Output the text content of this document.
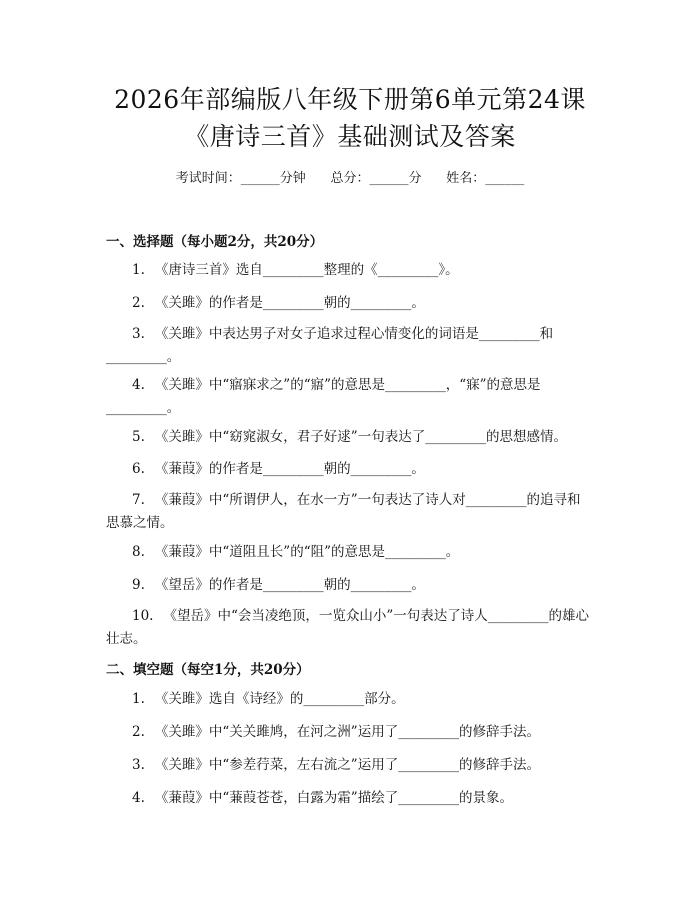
2026年部编版八年级下册第6单元第24课
《唐诗三首》基础测试及答案
考试时间：______分钟      总分：______分      姓名：______
一、选择题（每小题2分，共20分）
1. 《唐诗三首》选自_________整理的《_________》。
2. 《关雎》的作者是_________朝的_________。
3. 《关雎》中表达男子对女子追求过程心情变化的词语是_________和_________。
4. 《关雎》中“寤寐求之”的“寤”的意思是_________，“寐”的意思是_________。
5. 《关雎》中“窈窕淑女，君子好逑”一句表达了_________的思想感情。
6. 《蒹葭》的作者是_________朝的_________。
7. 《蒹葭》中“所谓伊人，在水一方”一句表达了诗人对_________的追寻和思慕之情。
8. 《蒹葭》中“道阻且长”的“阻”的意思是_________。
9. 《望岳》的作者是_________朝的_________。
10. 《望岳》中“会当凌绝顶，一览众山小”一句表达了诗人_________的雄心壮志。
二、填空题（每空1分，共20分）
1. 《关雎》选自《诗经》的_________部分。
2. 《关雎》中“关关雎鸠，在河之洲”运用了_________的修辞手法。
3. 《关雎》中“参差荇菜，左右流之”运用了_________的修辞手法。
4. 《蒹葭》中“蒹葭苍苍，白露为霜”描绘了_________的景象。
